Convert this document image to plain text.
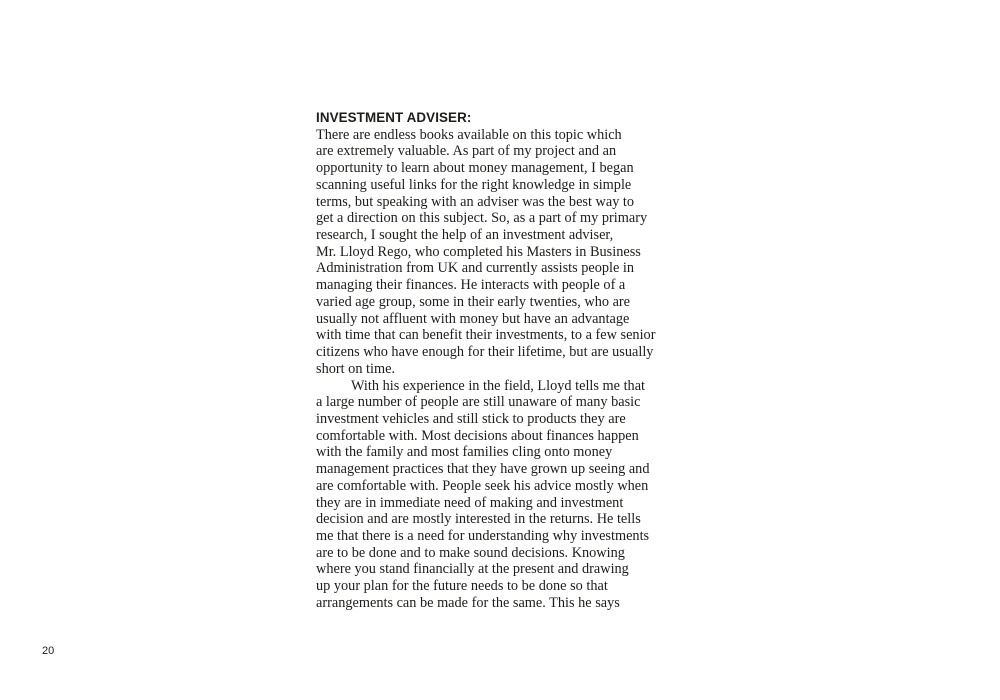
INVESTMENT ADVISER:
There are endless books available on this topic which
are extremely valuable. As part of my project and an
opportunity to learn about money management, I began
scanning useful links for the right knowledge in simple
terms, but speaking with an adviser was the best way to
get a direction on this subject. So, as a part of my primary
research, I sought the help of an investment adviser,
Mr. Lloyd Rego, who completed his Masters in Business
Administration from UK and currently assists people in
managing their finances. He interacts with people of a
varied age group, some in their early twenties, who are
usually not affluent with money but have an advantage
with time that can benefit their investments, to a few senior
citizens who have enough for their lifetime, but are usually
short on time.
With his experience in the field, Lloyd tells me that
a large number of people are still unaware of many basic
investment vehicles and still stick to products they are
comfortable with. Most decisions about finances happen
with the family and most families cling onto money
management practices that they have grown up seeing and
are comfortable with. People seek his advice mostly when
they are in immediate need of making and investment
decision and are mostly interested in the returns. He tells
me that there is a need for understanding why investments
are to be done and to make sound decisions. Knowing
where you stand financially at the present and drawing
up your plan for the future needs to be done so that
arrangements can be made for the same. This he says
20
